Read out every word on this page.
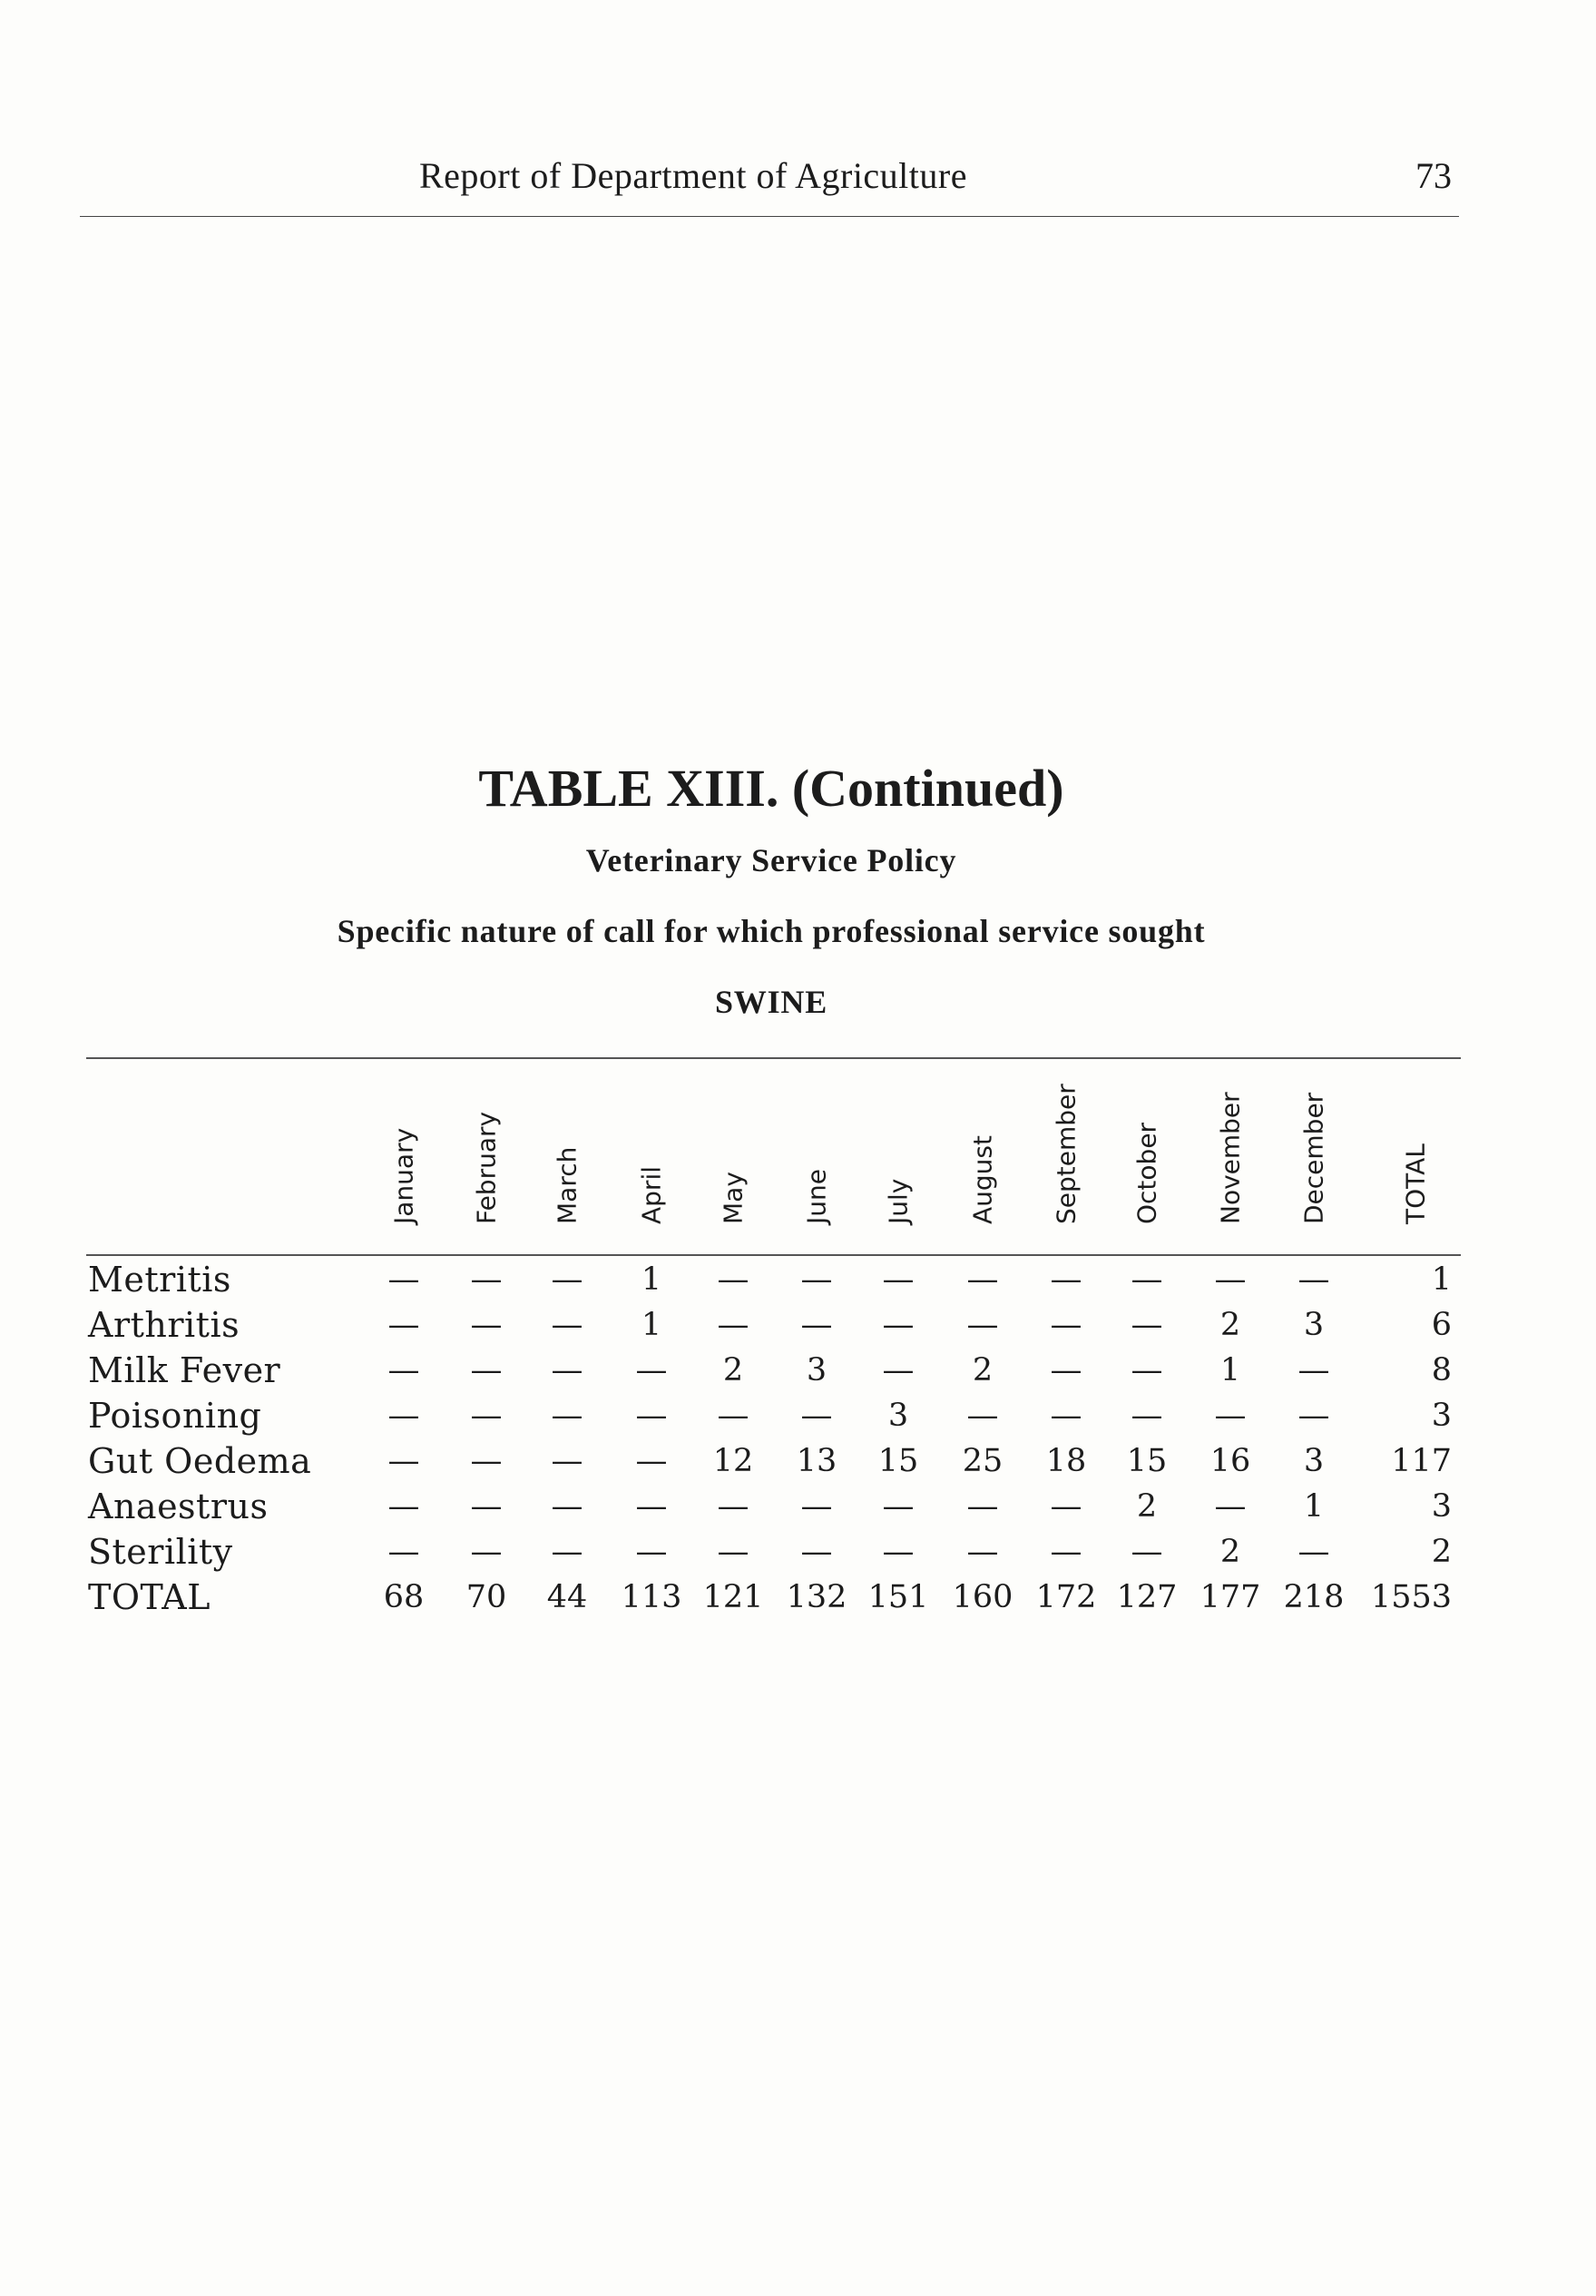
Report of Department of Agriculture	73
TABLE XIII. (Continued)
Veterinary Service Policy
Specific nature of call for which professional service sought
SWINE
January February March April May June July August September October November December	TOTAL
Metritis	—	—	—	1	—	—	—	—	—	—	—	—	1
Arthritis	—	—	—	1	—	—	—	—	—	—	2	3	6
Milk Fever	—	—	—	—	2	3	—	2	—	—	1	—	8
Poisoning	—	—	—	—	—	—	3	—	—	—	—	—	3
Gut Oedema	—	—	—	—	12	13	15	25	18	15	16	3	117
Anaestrus	—	—	—	—	—	—	—	—	—	2	—	1	3
Sterility	—	—	—	—	—	—	—	—	—	—	2	—	2
TOTAL	68	70	44	113 121 132 151 160 172 127 177 218 1553
